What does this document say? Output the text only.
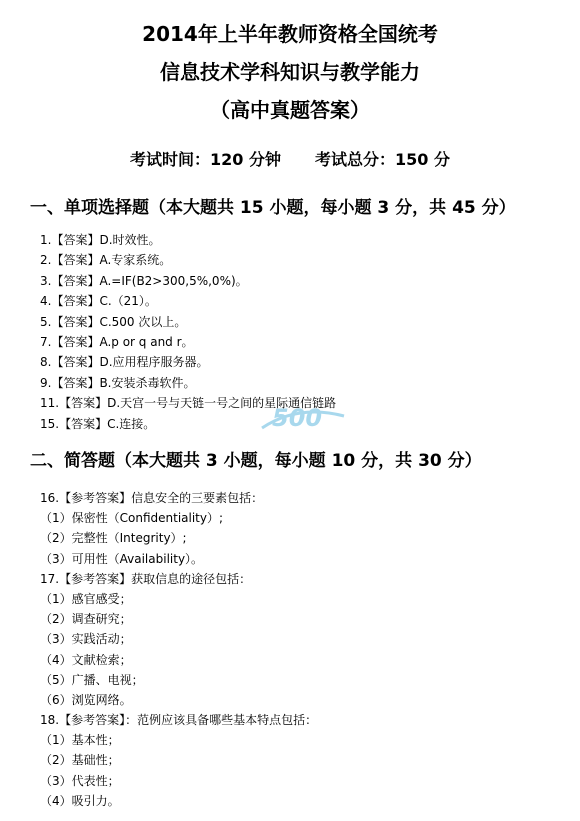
2014年上半年教师资格全国统考
信息技术学科知识与教学能力
（高中真题答案）
考试时间：120 分钟 考试总分：150 分
一、单项选择题（本大题共 15 小题，每小题 3 分，共 45 分）
1.【答案】D.时效性。
2.【答案】A.专家系统。
3.【答案】A.=IF(B2>300,5%,0%)。
4.【答案】C.（21）。
5.【答案】C.500 次以上。
7.【答案】A.p or q and r。
8.【答案】D.应用程序服务器。
9.【答案】B.安装杀毒软件。
11.【答案】D.天宫一号与天链一号之间的星际通信链路
15.【答案】C.连接。	500
二、简答题（本大题共 3 小题，每小题 10 分，共 30 分）
16.【参考答案】信息安全的三要素包括：
（1）保密性（Confidentiality）;
（2）完整性（Integrity）;
（3）可用性（Availability）。
17.【参考答案】获取信息的途径包括：
（1）感官感受；
（2）调查研究；
（3）实践活动；
（4）文献检索；
（5）广播、电视；
（6）浏览网络。
18.【参考答案】：范例应该具备哪些基本特点包括：
（1）基本性；
（2）基础性；
（3）代表性；
（4）吸引力。
